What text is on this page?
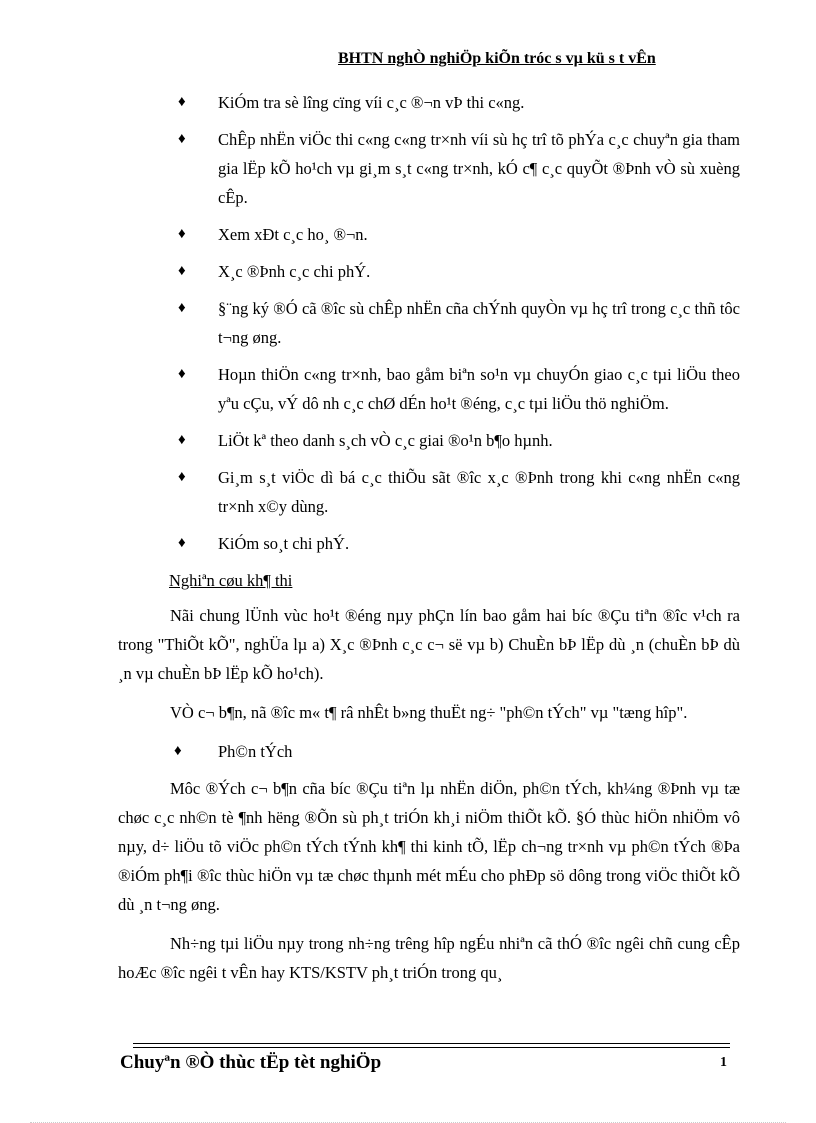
BHTN nghÒ nghiÖp kiÕn tróc s vµ kü s t vÊn
♦ KiÓm tra sè lîng cïng víi c¸c ®¬n vÞ thi c«ng.
♦ ChÊp nhËn viÖc thi c«ng c«ng tr×nh víi sù hç trî tõ phÝa c¸c chuyªn gia tham gia lËp kÕ ho¹ch vµ gi¸m s¸t c«ng tr×nh, kÓ c¶ c¸c quyÕt ®Þnh vÒ sù xuèng cÊp.
♦ Xem xÐt c¸c ho¸ ®¬n.
♦ X¸c ®Þnh c¸c chi phÝ.
♦ §¨ng ký ®Ó cã ®îc sù chÊp nhËn cña chÝnh quyÒn vµ hç trî trong c¸c thñ tôc t¬ng øng.
♦ Hoµn thiÖn c«ng tr×nh, bao gåm biªn so¹n vµ chuyÓn giao c¸c tµi liÖu theo yªu cÇu, vÝ dô nh c¸c chØ dÉn ho¹t ®éng, c¸c tµi liÖu thö nghiÖm.
♦ LiÖt kª theo danh s¸ch vÒ c¸c giai ®o¹n b¶o hµnh.
♦ Gi¸m s¸t viÖc dì bá c¸c thiÕu sãt ®îc x¸c ®Þnh trong khi c«ng nhËn c«ng tr×nh x©y dùng.
♦ KiÓm so¸t chi phÝ.
Nghiªn cøu kh¶ thi
Nãi chung lÜnh vùc ho¹t ®éng nµy phÇn lín bao gåm hai bíc ®Çu tiªn ®îc v¹ch ra trong "ThiÕt kÕ", nghÜa lµ a) X¸c ®Þnh c¸c c¬ së vµ b) ChuÈn bÞ lËp dù ¸n (chuÈn bÞ dù ¸n vµ chuÈn bÞ lËp kÕ ho¹ch).
VÒ c¬ b¶n, nã ®îc m« t¶ râ nhÊt b»ng thuËt ng÷ "ph©n tÝch" vµ "tæng hîp".
♦ Ph©n tÝch
Môc ®Ých c¬ b¶n cña bíc ®Çu tiªn lµ nhËn diÖn, ph©n tÝch, kh¼ng ®Þnh vµ tæ chøc c¸c nh©n tè ¶nh hëng ®Õn sù ph¸t triÓn kh¸i niÖm thiÕt kÕ. §Ó thùc hiÖn nhiÖm vô nµy, d÷ liÖu tõ viÖc ph©n tÝch tÝnh kh¶ thi kinh tÕ, lËp ch¬ng tr×nh vµ ph©n tÝch ®Þa ®iÓm ph¶i ®îc thùc hiÖn vµ tæ chøc thµnh mét mÉu cho phÐp sö dông trong viÖc thiÕt kÕ dù ¸n t¬ng øng.
Nh÷ng tµi liÖu nµy trong nh÷ng trêng hîp ngÉu nhiªn cã thÓ ®îc ngêi chñ cung cÊp hoÆc ®îc ngêi t vÊn hay KTS/KSTV ph¸t triÓn trong qu¸
Chuyªn ®Ò thùc tËp tèt nghiÖp	1
